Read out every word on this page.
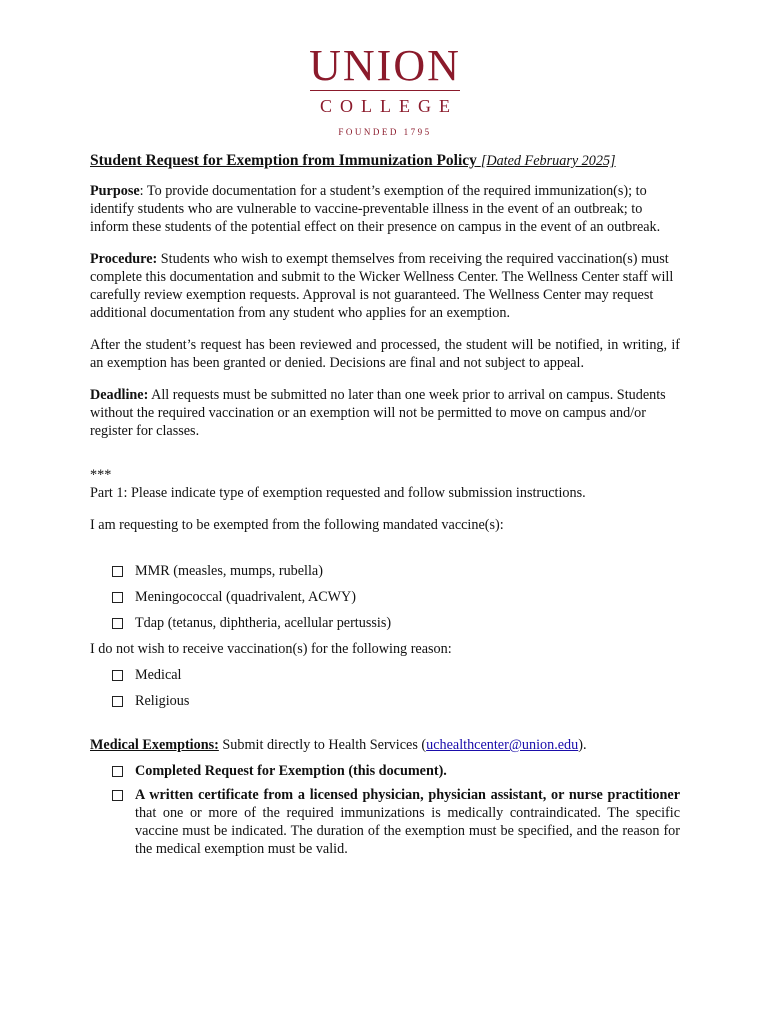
UNION
COLLEGE
FOUNDED 1795
Student Request for Exemption from Immunization Policy [Dated February 2025]

Purpose: To provide documentation for a student’s exemption of the required immunization(s); to identify students who are vulnerable to vaccine-preventable illness in the event of an outbreak; to inform these students of the potential effect on their presence on campus in the event of an outbreak.

Procedure: Students who wish to exempt themselves from receiving the required vaccination(s) must complete this documentation and submit to the Wicker Wellness Center. The Wellness Center staff will carefully review exemption requests. Approval is not guaranteed. The Wellness Center may request additional documentation from any student who applies for an exemption.

After the student’s request has been reviewed and processed, the student will be notified, in writing, if an exemption has been granted or denied. Decisions are final and not subject to appeal.

Deadline: All requests must be submitted no later than one week prior to arrival on campus. Students without the required vaccination or an exemption will not be permitted to move on campus and/or register for classes.

***

Part 1: Please indicate type of exemption requested and follow submission instructions.

I am requesting to be exempted from the following mandated vaccine(s):

MMR (measles, mumps, rubella)
Meningococcal (quadrivalent, ACWY)
Tdap (tetanus, diphtheria, acellular pertussis)
I do not wish to receive vaccination(s) for the following reason:
Medical
Religious

Medical Exemptions: Submit directly to Health Services (uchealthcenter@union.edu).

Completed Request for Exemption (this document).
A written certificate from a licensed physician, physician assistant, or nurse practitioner that one or more of the required immunizations is medically contraindicated. The specific vaccine must be indicated. The duration of the exemption must be specified, and the reason for the medical exemption must be valid.
